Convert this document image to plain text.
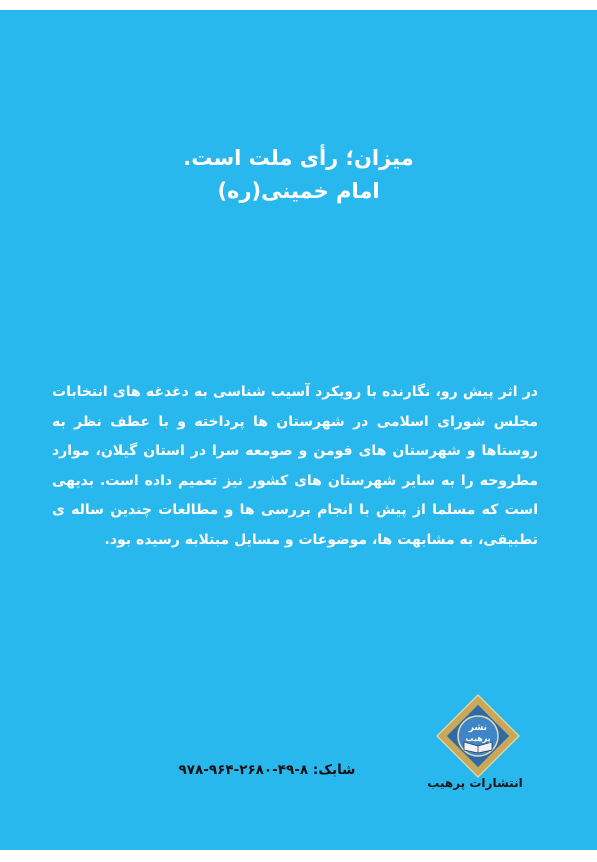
میزان؛ رأی ملت است.
امام خمینی(ره)
در اثر پیش رو، نگارنده با رویکرد آسیب شناسی به دغدغه های انتخابات مجلس شورای اسلامی در شهرستان ها پرداخته و با عطف نظر به روستاها و شهرستان های فومن و صومعه سرا در استان گیلان، موارد مطروحه را به سایر شهرستان های کشور نیز تعمیم داده است. بدیهی است که مسلما از پیش با انجام بررسی ها و مطالعات چندین ساله ی تطبیقی، به مشابهت ها، موضوعات و مسایل مبتلابه رسیده بود.
شابک: ۸-۴۹-۲۶۸۰-۹۶۴-۹۷۸
نشر
پرهیب
انتشارات پرهیب
